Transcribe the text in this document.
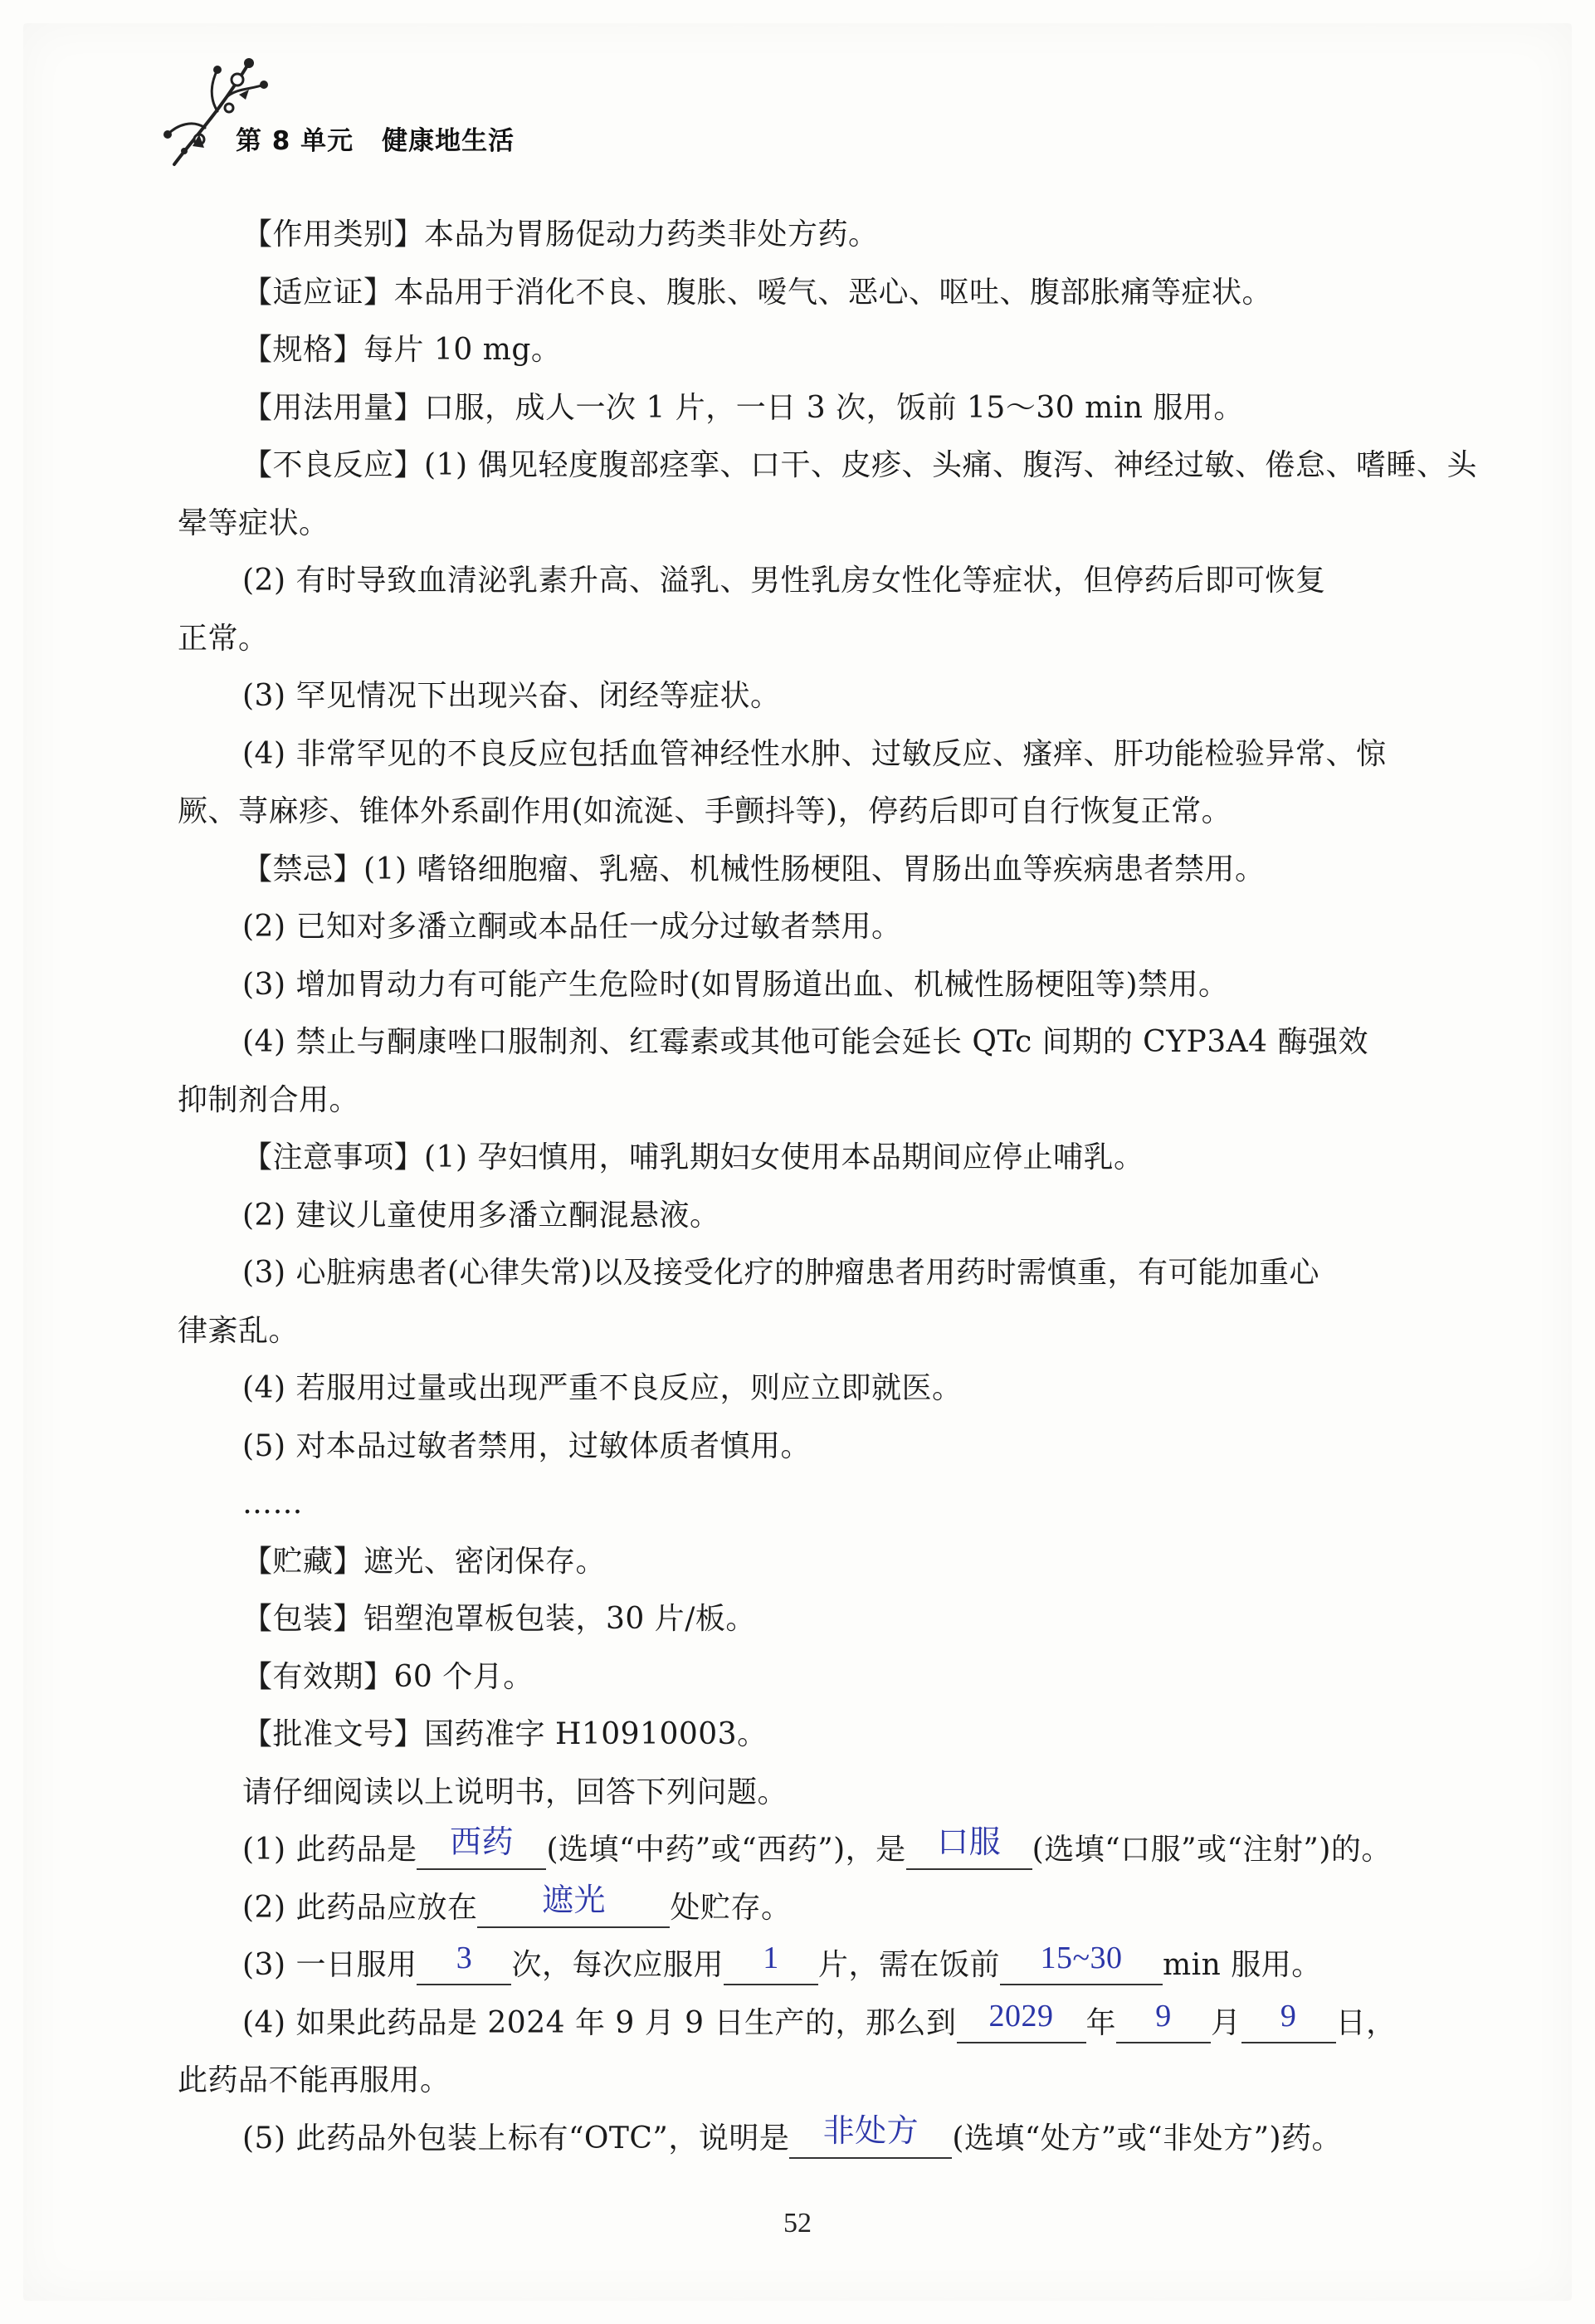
第 8 单元 健康地生活
【作用类别】本品为胃肠促动力药类非处方药。
【适应证】本品用于消化不良、腹胀、嗳气、恶心、呕吐、腹部胀痛等症状。
【规格】每片 10 mg。
【用法用量】口服，成人一次 1 片，一日 3 次，饭前 15～30 min 服用。
【不良反应】(1) 偶见轻度腹部痉挛、口干、皮疹、头痛、腹泻、神经过敏、倦怠、嗜睡、头
晕等症状。
(2) 有时导致血清泌乳素升高、溢乳、男性乳房女性化等症状，但停药后即可恢复
正常。
(3) 罕见情况下出现兴奋、闭经等症状。
(4) 非常罕见的不良反应包括血管神经性水肿、过敏反应、瘙痒、肝功能检验异常、惊
厥、荨麻疹、锥体外系副作用(如流涎、手颤抖等)，停药后即可自行恢复正常。
【禁忌】(1) 嗜铬细胞瘤、乳癌、机械性肠梗阻、胃肠出血等疾病患者禁用。
(2) 已知对多潘立酮或本品任一成分过敏者禁用。
(3) 增加胃动力有可能产生危险时(如胃肠道出血、机械性肠梗阻等)禁用。
(4) 禁止与酮康唑口服制剂、红霉素或其他可能会延长 QTc 间期的 CYP3A4 酶强效
抑制剂合用。
【注意事项】(1) 孕妇慎用，哺乳期妇女使用本品期间应停止哺乳。
(2) 建议儿童使用多潘立酮混悬液。
(3) 心脏病患者(心律失常)以及接受化疗的肿瘤患者用药时需慎重，有可能加重心
律紊乱。
(4) 若服用过量或出现严重不良反应，则应立即就医。
(5) 对本品过敏者禁用，过敏体质者慎用。
……
【贮藏】遮光、密闭保存。
【包装】铝塑泡罩板包装，30 片/板。
【有效期】60 个月。
【批准文号】国药准字 H10910003。
请仔细阅读以上说明书，回答下列问题。
(1) 此药品是 西药 (选填“中药”或“西药”)，是 口服 (选填“口服”或“注射”)的。
(2) 此药品应放在 遮光 处贮存。
(3) 一日服用 3 次，每次应服用 1 片，需在饭前 15~30 min 服用。
(4) 如果此药品是 2024 年 9 月 9 日生产的，那么到 2029 年 9 月 9 日，
此药品不能再服用。
(5) 此药品外包装上标有“OTC”，说明是 非处方 (选填“处方”或“非处方”)药。
52
